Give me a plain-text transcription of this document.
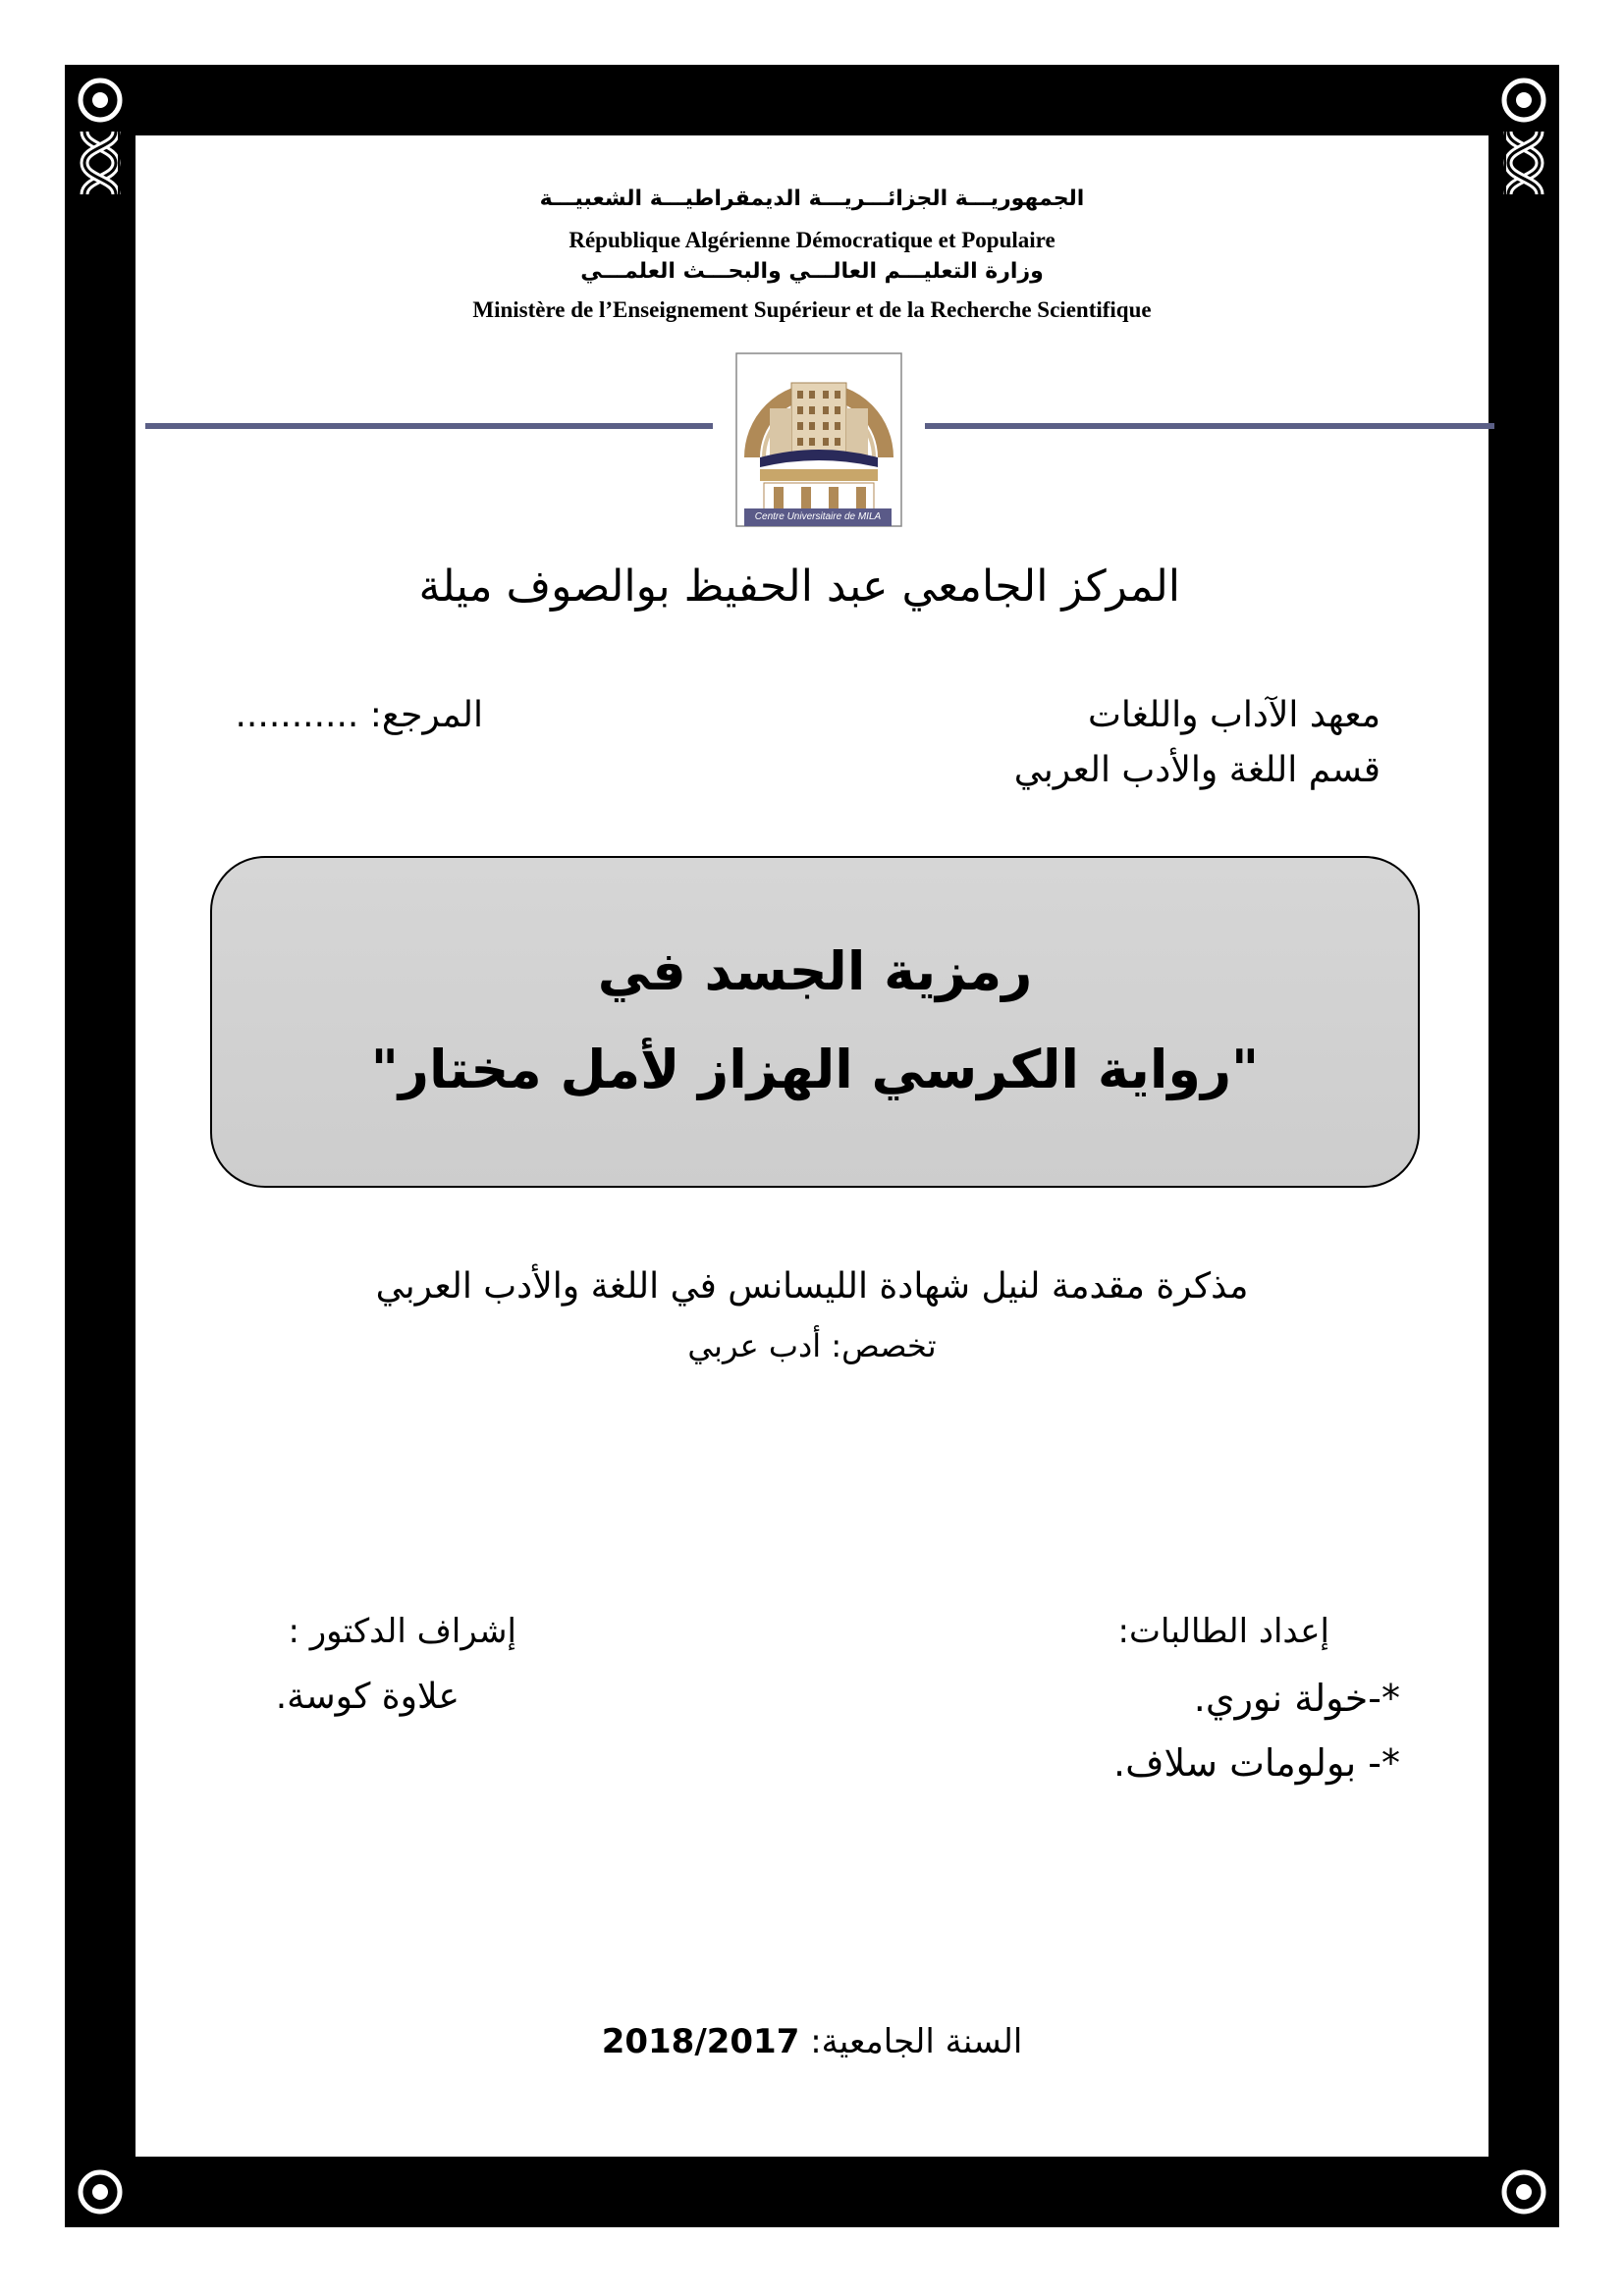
الجمهوريـــة الجزائـــريـــة الديمقراطيـــة الشعبيـــة
République Algérienne Démocratique et Populaire
وزارة التعليـــم العالـــي والبحـــث العلمـــي
Ministère de l’Enseignement Supérieur et de la Recherche Scientifique
Centre Universitaire de MILA
المركز الجامعي عبد الحفيظ بوالصوف ميلة
معهد الآداب واللغات
قسم اللغة والأدب العربي
المرجع: ...........
رمزية الجسد في
"رواية الكرسي الهزاز لأمل مختار"
مذكرة مقدمة لنيل شهادة الليسانس في اللغة والأدب العربي
تخصص: أدب عربي
إعداد الطالبات:
*-خولة نوري.
*- بولومات سلاف.
إشراف الدكتور :
علاوة كوسة.
السنة الجامعية: 2018/2017
